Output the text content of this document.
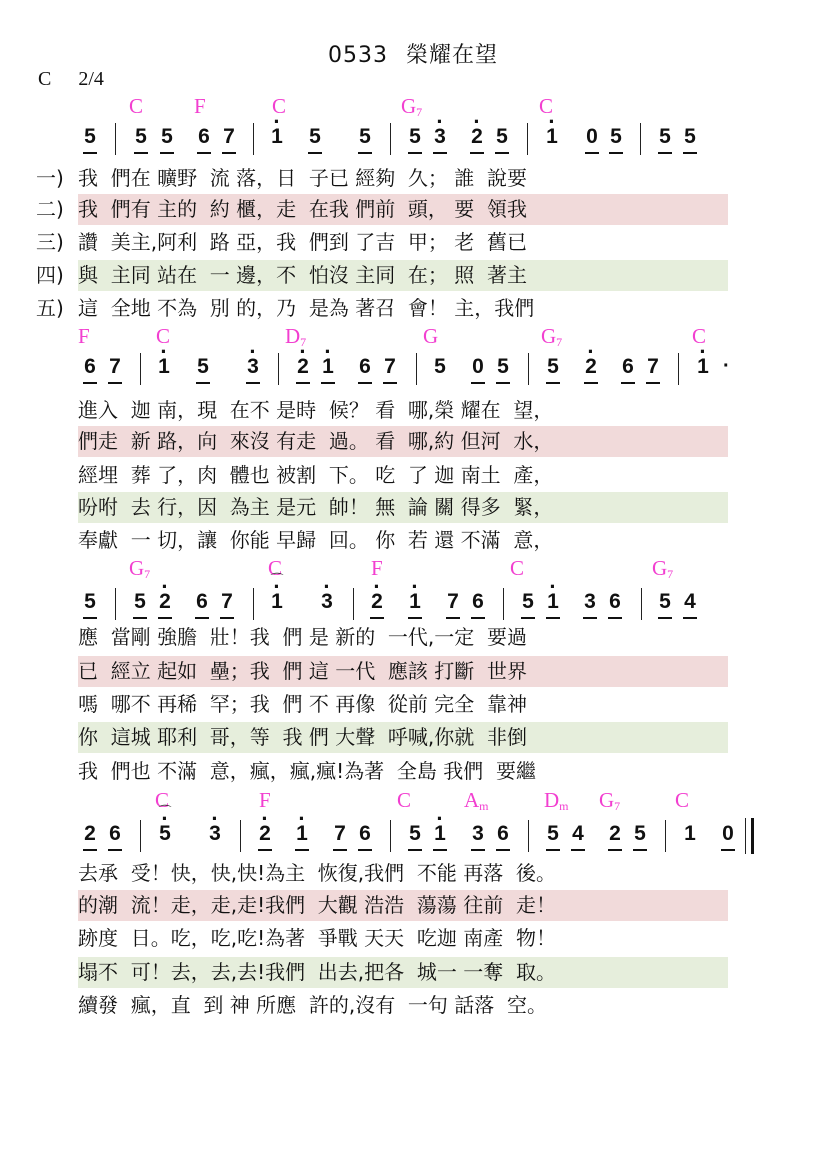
0533 榮耀在望
C 2/4
C F	C	$G_7$	C
5 5 5 6 7 · 1 5 5 5 · 3 · 2 5 · 1 0 5 5 5
一) 我  們在 曠野  流 落，日  子已 經夠  久； 誰  說要
二) 我  們有 主的  約 櫃，走  在我 們前  頭， 要  領我
三) 讚  美主,阿利  路 亞，我  們到 了吉  甲； 老  舊已
四) 與  主同 站在  一 邊，不  怕沒 主同  在； 照  著主
五) 這  全地 不為  別 的，乃  是為 著召  會！ 主，我們
F	C	$D_7$	G	$G_7$	C
6 7 · 1 5 · 3 · 2 · 1 6 7 5 0 5 5 · 2 6 7 · 1 ·
進入  迦 南，現  在不 是時  候？ 看  哪,榮 耀在  望，
們走  新 路，向  來沒 有走  過。 看  哪,約 但河  水，
經埋  葬 了，肉  體也 被割  下。 吃  了 迦 南土  產，
吩咐  去 行，因  為主 是元  帥！ 無  論 關 得多  緊，
奉獻  一 切，讓  你能 早歸  回。 你  若 還 不滿  意，
$G_7$	C	F	C	$G_7$
5 5 · 2 6 7 ⌒ 1 · · 3 · 2 · 1 7 6 5 · 1 3 6 5 4
應  當剛 強膽  壯！我  們 是 新的  一代,一定  要過
已  經立 起如  壘；我  們 這 一代  應該 打斷  世界
嗎  哪不 再稀  罕；我  們 不 再像  從前 完全  靠神
你  這城 耶利  哥，等  我 們 大聲  呼喊,你就  非倒
我  們也 不滿  意，瘋，瘋,瘋!為著  全島 我們  要繼
C	F	C	$A_m$	$D_m$ $G_7$	C
2 6 ⌒ 5 · · 3 · 2 · 1 7 6 5 · 1 3 6 5 4 2 5 1 0
去承  受！快，快,快!為主  恢復,我們  不能 再落  後。
的潮  流！走，走,走!我們  大觀 浩浩  蕩蕩 往前  走！
跡度  日。吃，吃,吃!為著  爭戰 天天  吃迦 南產  物！
塌不  可！去，去,去!我們  出去,把各  城一 一奪  取。
續發  瘋，直  到 神 所應  許的,沒有  一句 話落  空。
